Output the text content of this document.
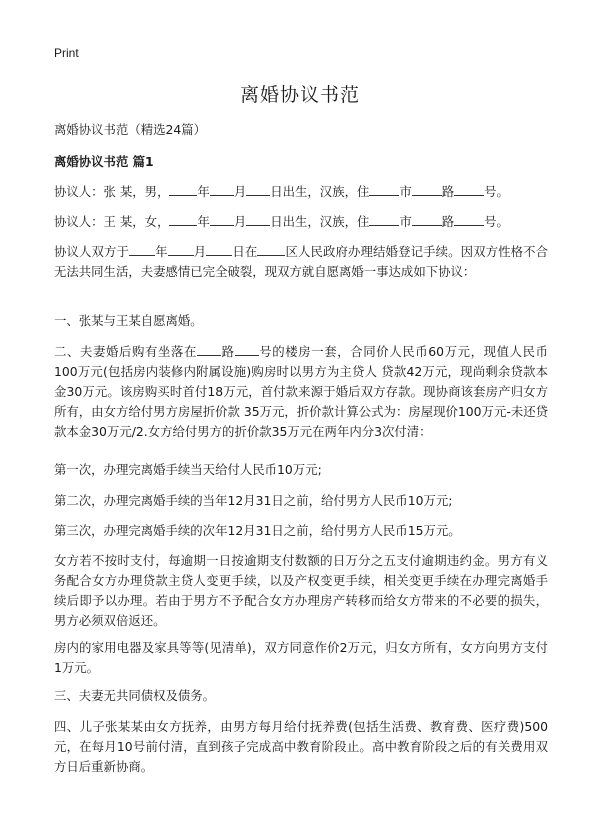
Print
离婚协议书范
离婚协议书范（精选24篇）
离婚协议书范 篇1
协议人：张 某，男， 年 月 日出生，汉族，住 市 路 号。
协议人：王 某，女， 年 月 日出生，汉族，住 市 路 号。
协议人双方于 年 月 日在 区人民政府办理结婚登记手续。因双方性格不合无法共同生活，夫妻感情已完全破裂，现双方就自愿离婚一事达成如下协议：
一、张某与王某自愿离婚。
二、夫妻婚后购有坐落在 路 号的楼房一套，合同价人民币60万元，现值人民币100万元(包括房内装修内附属设施)购房时以男方为主贷人 贷款42万元，现尚剩余贷款本金30万元。该房购买时首付18万元，首付款来源于婚后双方存款。现协商该套房产归女方所有，由女方给付男方房屋折价款 35万元，折价款计算公式为：房屋现价100万元-未还贷款本金30万元/2.女方给付男方的折价款35万元在两年内分3次付清：
第一次，办理完离婚手续当天给付人民币10万元;
第二次，办理完离婚手续的当年12月31日之前，给付男方人民币10万元;
第三次，办理完离婚手续的次年12月31日之前，给付男方人民币15万元。
女方若不按时支付，每逾期一日按逾期支付数额的日万分之五支付逾期违约金。男方有义务配合女方办理贷款主贷人变更手续，以及产权变更手续，相关变更手续在办理完离婚手续后即予以办理。若由于男方不予配合女方办理房产转移而给女方带来的不必要的损失，男方必须双倍返还。
房内的家用电器及家具等等(见清单)，双方同意作价2万元，归女方所有，女方向男方支付1万元。
三、夫妻无共同债权及债务。
四、儿子张某某由女方抚养，由男方每月给付抚养费(包括生活费、教育费、医疗费)500元，在每月10号前付清，直到孩子完成高中教育阶段止。高中教育阶段之后的有关费用双方日后重新协商。
